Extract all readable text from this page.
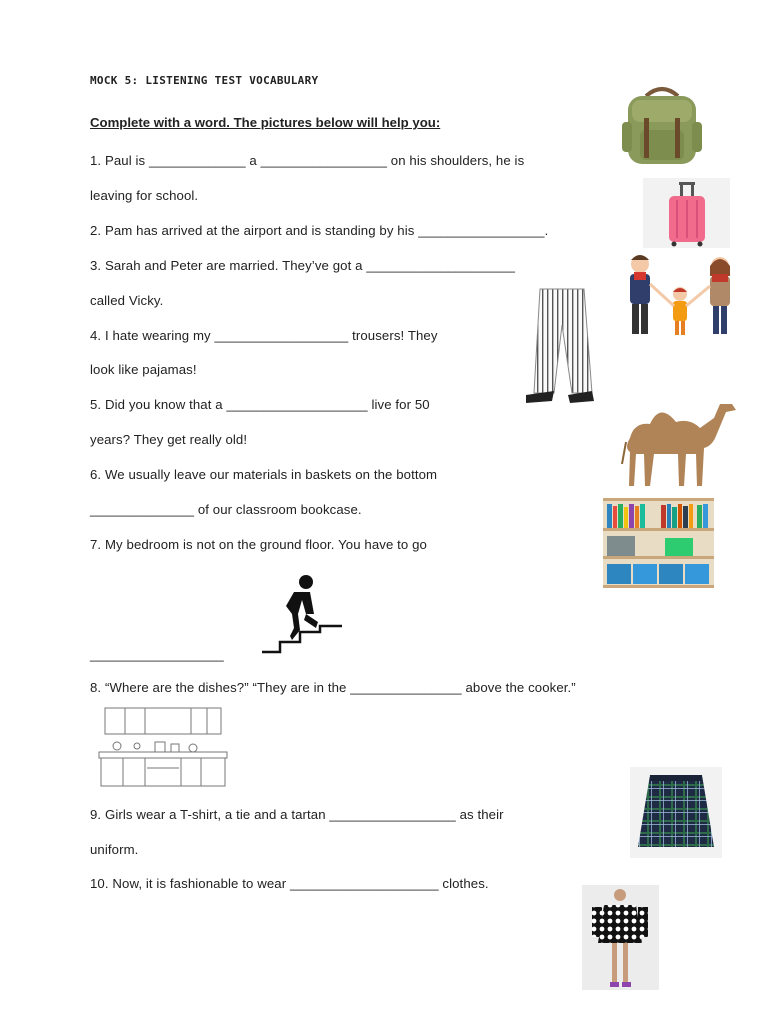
MOCK 5: LISTENING TEST VOCABULARY
Complete with a word. The pictures below will help you:
1. Paul is _____________ a _________________ on his shoulders, he is
leaving for school.
2. Pam has arrived at the airport and is standing by his _________________.
3. Sarah and Peter are married. They’ve got a ____________________
called Vicky.
4. I hate wearing my __________________ trousers! They
look like pajamas!
5. Did you know that a ___________________ live for 50
years? They get really old!
6. We usually leave our materials in baskets on the bottom
______________ of our classroom bookcase.
7. My bedroom is not on the ground floor. You have to go
__________________
8. “Where are the dishes?” “They are in the _______________ above the cooker.”
9. Girls wear a T-shirt, a tie and a tartan _________________ as their
uniform.
10. Now, it is fashionable to wear ____________________ clothes.
